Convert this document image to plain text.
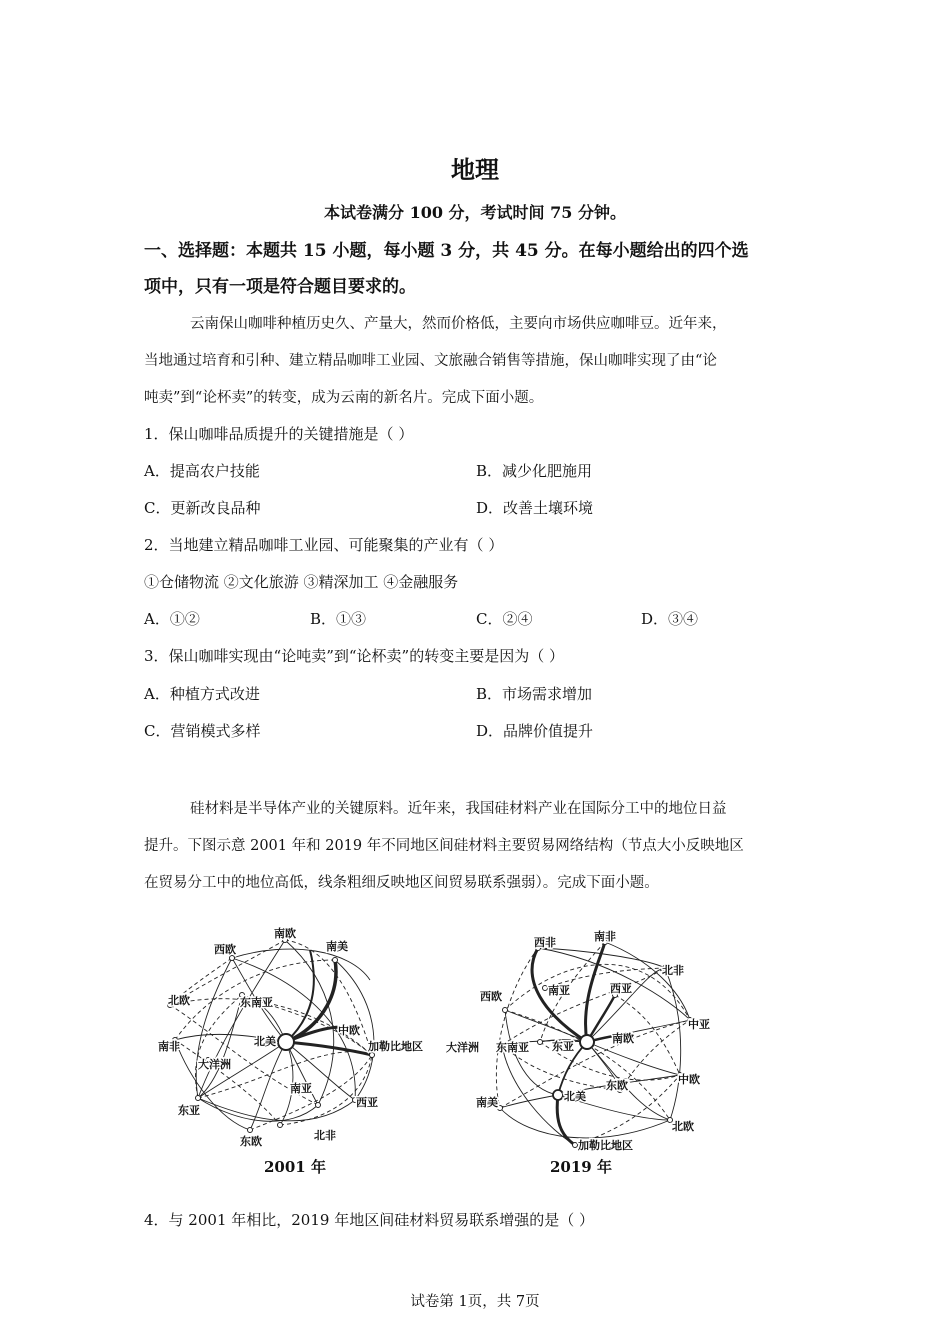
地理
本试卷满分 100 分，考试时间 75 分钟。
一、选择题：本题共 15 小题，每小题 3 分，共 45 分。在每小题给出的四个选
项中，只有一项是符合题目要求的。
云南保山咖啡种植历史久、产量大，然而价格低，主要向市场供应咖啡豆。近年来，
当地通过培育和引种、建立精品咖啡工业园、文旅融合销售等措施，保山咖啡实现了由“论
吨卖”到“论杯卖”的转变，成为云南的新名片。完成下面小题。
1．保山咖啡品质提升的关键措施是（ ）
A．提高农户技能	B．减少化肥施用
C．更新改良品种	D．改善土壤环境
2．当地建立精品咖啡工业园、可能聚集的产业有（ ）
①仓储物流 ②文化旅游 ③精深加工 ④金融服务
A．①②	B．①③	C．②④	D．③④
3．保山咖啡实现由“论吨卖”到“论杯卖”的转变主要是因为（ ）
A．种植方式改进	B．市场需求增加
C．营销模式多样	D．品牌价值提升
硅材料是半导体产业的关键原料。近年来，我国硅材料产业在国际分工中的地位日益
提升。下图示意 2001 年和 2019 年不同地区间硅材料主要贸易网络结构（节点大小反映地区
在贸易分工中的地位高低，线条粗细反映地区间贸易联系强弱）。完成下面小题。
南欧
西欧	南美
北欧	东南亚
中欧
南非	北美	加勒比地区
大洋洲
南亚
西亚
东亚
北非
东欧
2001 年
西非	南非
北非
西欧	南亚	西亚
中亚
大洋洲 东南亚 东亚
南欧
中欧
东欧
南美	北美
北欧
加勒比地区
2019 年
4．与 2001 年相比，2019 年地区间硅材料贸易联系增强的是（ ）
试卷第 1页，共 7页
